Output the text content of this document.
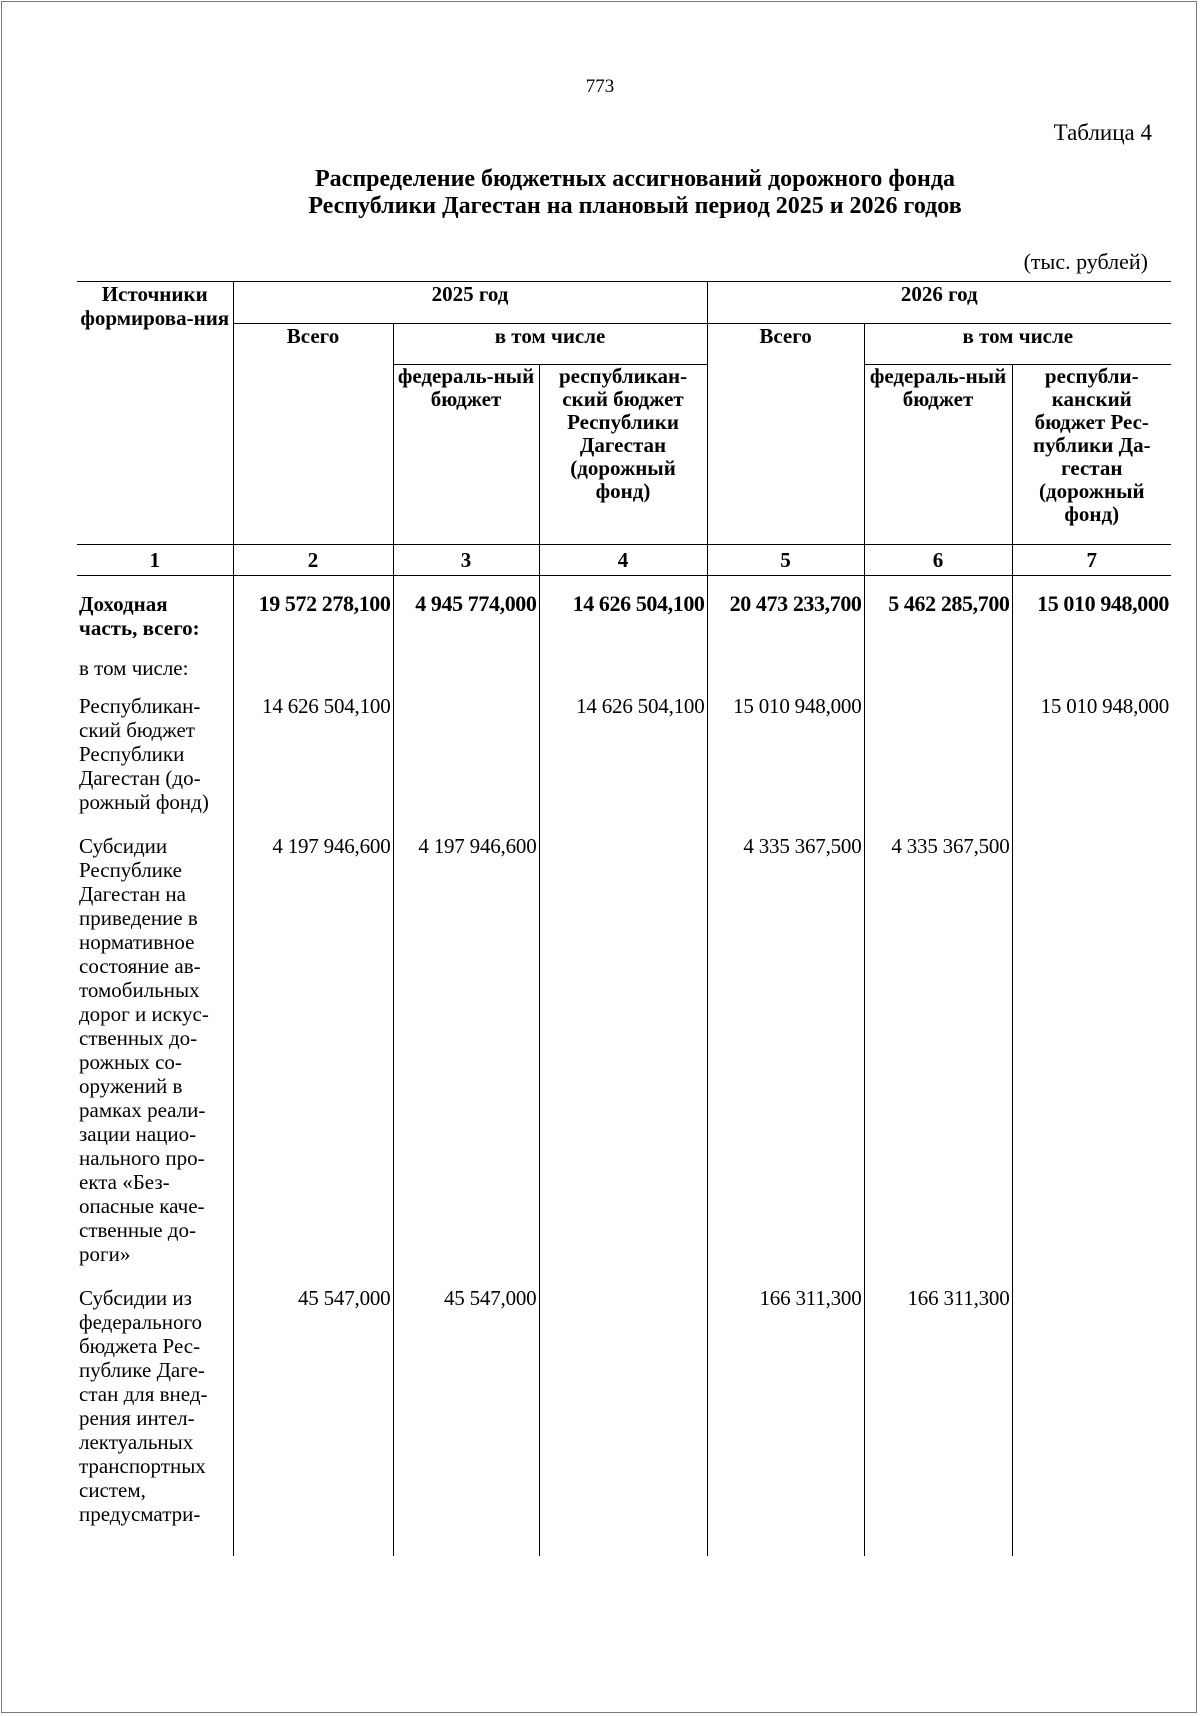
773
Таблица 4
Распределение бюджетных ассигнований дорожного фонда
Республики Дагестан на плановый период 2025 и 2026 годов
(тыс. рублей)
Источники формирова-ния	2025 год			2026 год		
	Всего	в том числе		Всего	в том числе	
		федераль-ный бюджет	республикан-ский бюджет Республики Дагестан (дорожный фонд)		федераль-ный бюджет	республи-канский бюджет Рес-публики Да-гестан (дорожный фонд)
1	2	3	4	5	6	7
Доходная часть, всего:	19 572 278,100	4 945 774,000	14 626 504,100	20 473 233,700	5 462 285,700	15 010 948,000
в том числе:						
Республикан-ский бюджет Республики Дагестан (до-рожный фонд)	14 626 504,100		14 626 504,100	15 010 948,000		15 010 948,000
Субсидии Республике Дагестан на приведение в нормативное состояние ав-томобильных дорог и искус-ственных до-рожных со-оружений в рамках реали-зации нацио-нального про-екта «Без-опасные каче-ственные до-роги»	4 197 946,600	4 197 946,600		4 335 367,500	4 335 367,500	
Субсидии из федерального бюджета Рес-публике Даге-стан для внед-рения интел-лектуальных транспортных систем, предусматри-	45 547,000	45 547,000		166 311,300	166 311,300	
